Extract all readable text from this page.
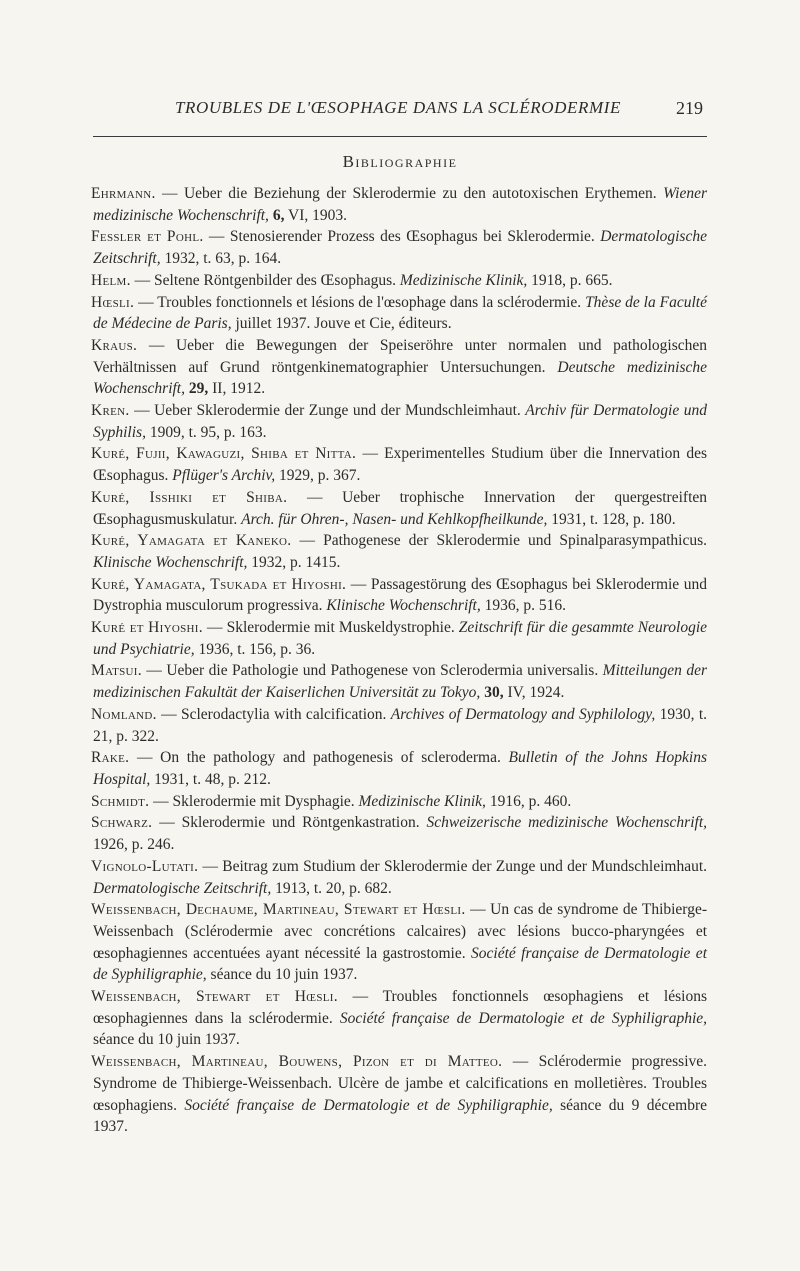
TROUBLES DE L'ŒSOPHAGE DANS LA SCLÉRODERMIE	219
Bibliographie
Ehrmann. — Ueber die Beziehung der Sklerodermie zu den autotoxischen Erythemen. Wiener medizinische Wochenschrift, 6, VI, 1903.
Fessler et Pohl. — Stenosierender Prozess des Œsophagus bei Sklerodermie. Dermatologische Zeitschrift, 1932, t. 63, p. 164.
Helm. — Seltene Röntgenbilder des Œsophagus. Medizinische Klinik, 1918, p. 665.
Hœsli. — Troubles fonctionnels et lésions de l'œsophage dans la sclérodermie. Thèse de la Faculté de Médecine de Paris, juillet 1937. Jouve et Cie, éditeurs.
Kraus. — Ueber die Bewegungen der Speiseröhre unter normalen und pathologischen Verhältnissen auf Grund röntgenkinematographier Untersuchungen. Deutsche medizinische Wochenschrift, 29, II, 1912.
Kren. — Ueber Sklerodermie der Zunge und der Mundschleimhaut. Archiv für Dermatologie und Syphilis, 1909, t. 95, p. 163.
Kuré, Fujii, Kawaguzi, Shiba et Nitta. — Experimentelles Studium über die Innervation des Œsophagus. Pflüger's Archiv, 1929, p. 367.
Kuré, Isshiki et Shiba. — Ueber trophische Innervation der quergestreiften Œsophagusmuskulatur. Arch. für Ohren-, Nasen- und Kehlkopfheilkunde, 1931, t. 128, p. 180.
Kuré, Yamagata et Kaneko. — Pathogenese der Sklerodermie und Spinalparasympathicus. Klinische Wochenschrift, 1932, p. 1415.
Kuré, Yamagata, Tsukada et Hiyoshi. — Passagestörung des Œsophagus bei Sklerodermie und Dystrophia musculorum progressiva. Klinische Wochenschrift, 1936, p. 516.
Kuré et Hiyoshi. — Sklerodermie mit Muskeldystrophie. Zeitschrift für die gesammte Neurologie und Psychiatrie, 1936, t. 156, p. 36.
Matsui. — Ueber die Pathologie und Pathogenese von Sclerodermia universalis. Mitteilungen der medizinischen Fakultät der Kaiserlichen Universität zu Tokyo, 30, IV, 1924.
Nomland. — Sclerodactylia with calcification. Archives of Dermatology and Syphilology, 1930, t. 21, p. 322.
Rake. — On the pathology and pathogenesis of scleroderma. Bulletin of the Johns Hopkins Hospital, 1931, t. 48, p. 212.
Schmidt. — Sklerodermie mit Dysphagie. Medizinische Klinik, 1916, p. 460.
Schwarz. — Sklerodermie und Röntgenkastration. Schweizerische medizinische Wochenschrift, 1926, p. 246.
Vignolo-Lutati. — Beitrag zum Studium der Sklerodermie der Zunge und der Mundschleimhaut. Dermatologische Zeitschrift, 1913, t. 20, p. 682.
Weissenbach, Dechaume, Martineau, Stewart et Hœsli. — Un cas de syndrome de Thibierge-Weissenbach (Sclérodermie avec concrétions calcaires) avec lésions bucco-pharyngées et œsophagiennes accentuées ayant nécessité la gastrostomie. Société française de Dermatologie et de Syphiligraphie, séance du 10 juin 1937.
Weissenbach, Stewart et Hœsli. — Troubles fonctionnels œsophagiens et lésions œsophagiennes dans la sclérodermie. Société française de Dermatologie et de Syphiligraphie, séance du 10 juin 1937.
Weissenbach, Martineau, Bouwens, Pizon et di Matteo. — Sclérodermie progressive. Syndrome de Thibierge-Weissenbach. Ulcère de jambe et calcifications en molletières. Troubles œsophagiens. Société française de Dermatologie et de Syphiligraphie, séance du 9 décembre 1937.
